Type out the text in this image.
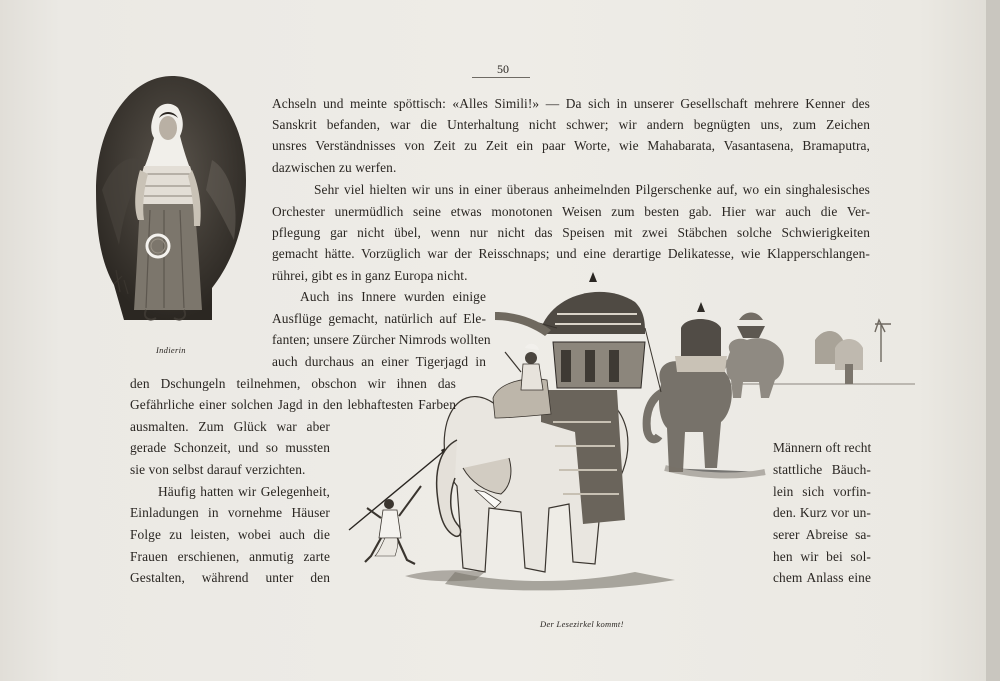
50
Indierin
Der Lesezirkel kommt!
Achseln und meinte spöttisch: «Alles Simili!» — Da sich in unserer Gesellschaft mehrere Kenner des
Sanskrit befanden, war die Unterhaltung nicht schwer; wir andern begnügten uns, zum Zeichen
unsres Verständnisses von Zeit zu Zeit ein paar Worte, wie Mahabarata, Vasantasena, Bramaputra,
dazwischen zu werfen.
Sehr viel hielten wir uns in einer überaus anheimelnden Pilgerschenke auf, wo ein singhalesisches
Orchester unermüdlich seine etwas monotonen Weisen zum besten gab. Hier war auch die Ver-
pflegung gar nicht übel, wenn nur nicht das Speisen mit zwei Stäbchen solche Schwierigkeiten
gemacht hätte. Vorzüglich war der Reisschnaps; und eine derartige Delikatesse, wie Klapperschlangen-
rührei, gibt es in ganz Europa nicht.
Auch ins Innere wurden einige
Ausflüge gemacht, natürlich auf Ele-
fanten; unsere Zürcher Nimrods wollten
auch durchaus an einer Tigerjagd in
den Dschungeln teilnehmen, obschon wir ihnen das
Gefährliche einer solchen Jagd in den lebhaftesten Farben
ausmalten. Zum Glück war aber
gerade Schonzeit, und so mussten
sie von selbst darauf verzichten.
Häufig hatten wir Gelegenheit,
Einladungen in vornehme Häuser
Folge zu leisten, wobei auch die
Frauen erschienen, anmutig zarte
Gestalten, während unter den
Männern oft recht
stattliche Bäuch-
lein sich vorfin-
den. Kurz vor un-
serer Abreise sa-
hen wir bei sol-
chem Anlass eine
